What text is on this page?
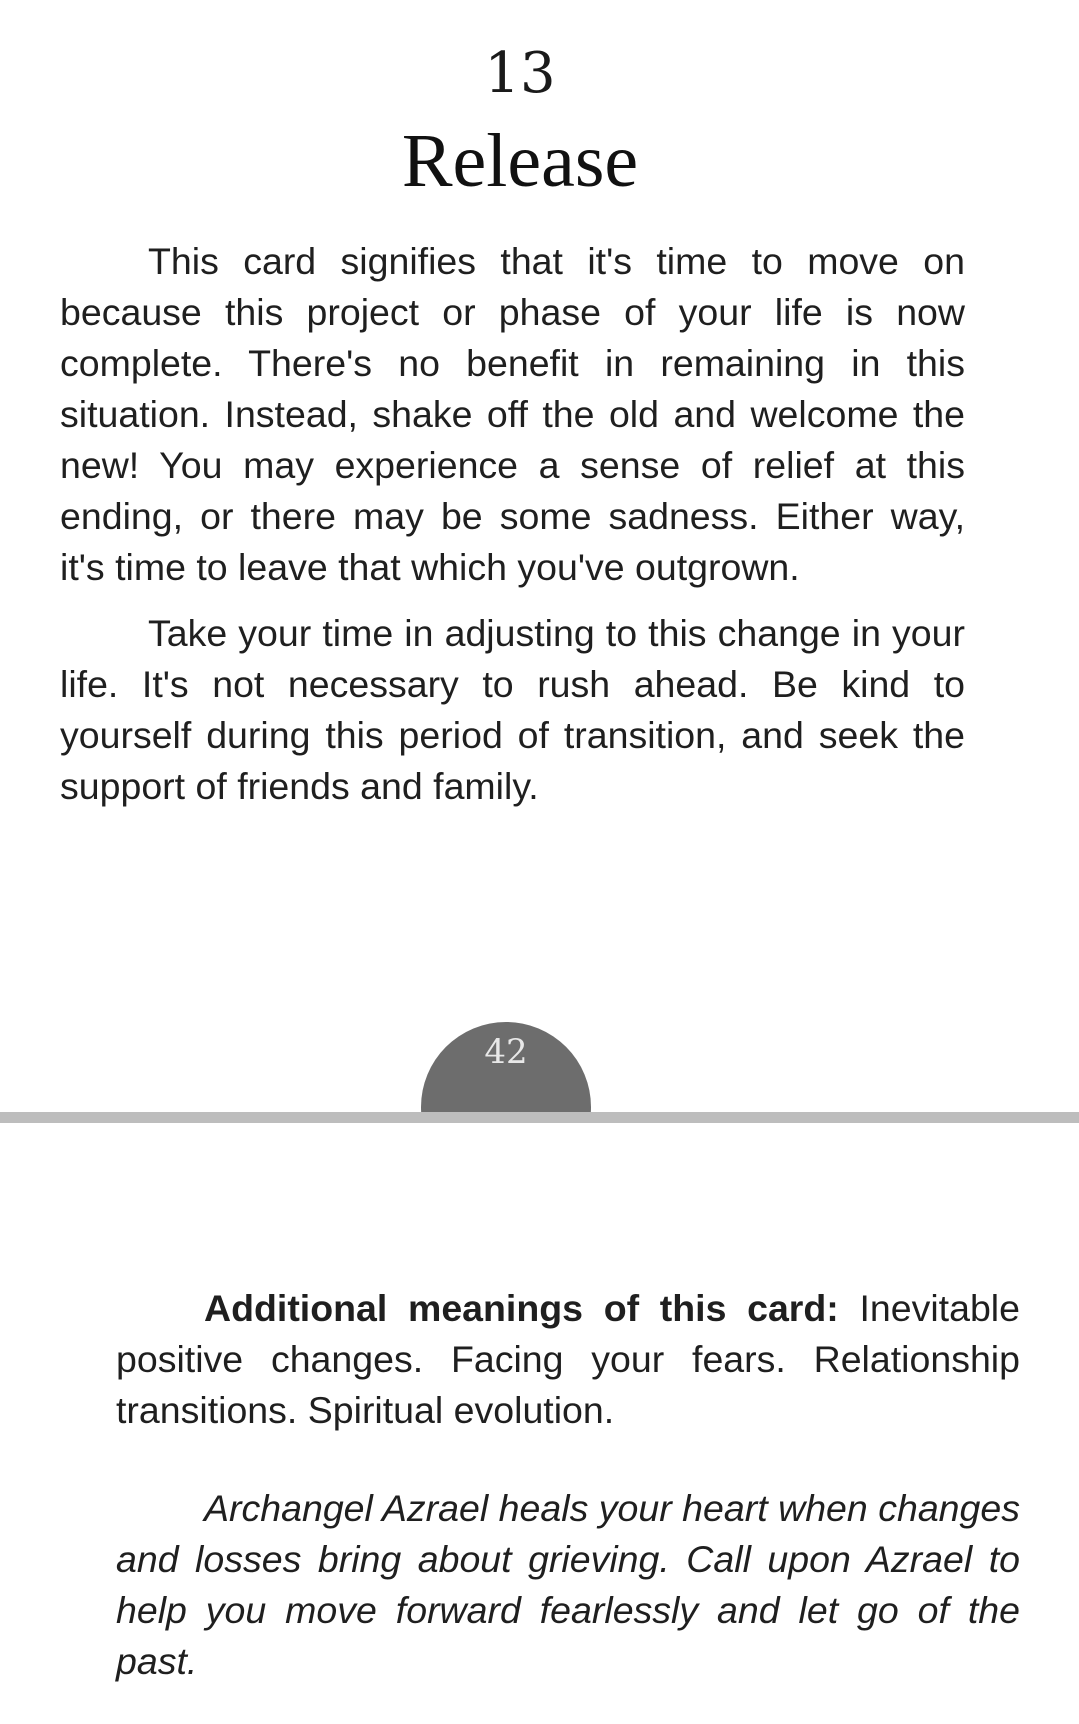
13
Release

This card signifies that it's time to move on because this project or phase of your life is now complete. There's no benefit in remaining in this situation. Instead, shake off the old and welcome the new! You may experience a sense of relief at this ending, or there may be some sadness. Either way, it's time to leave that which you've outgrown.

Take your time in adjusting to this change in your life. It's not necessary to rush ahead. Be kind to yourself during this period of transition, and seek the support of friends and family.

42

Additional meanings of this card: Inevitable positive changes. Facing your fears. Relationship transitions. Spiritual evolution.

Archangel Azrael heals your heart when changes and losses bring about grieving. Call upon Azrael to help you move forward fearlessly and let go of the past.
